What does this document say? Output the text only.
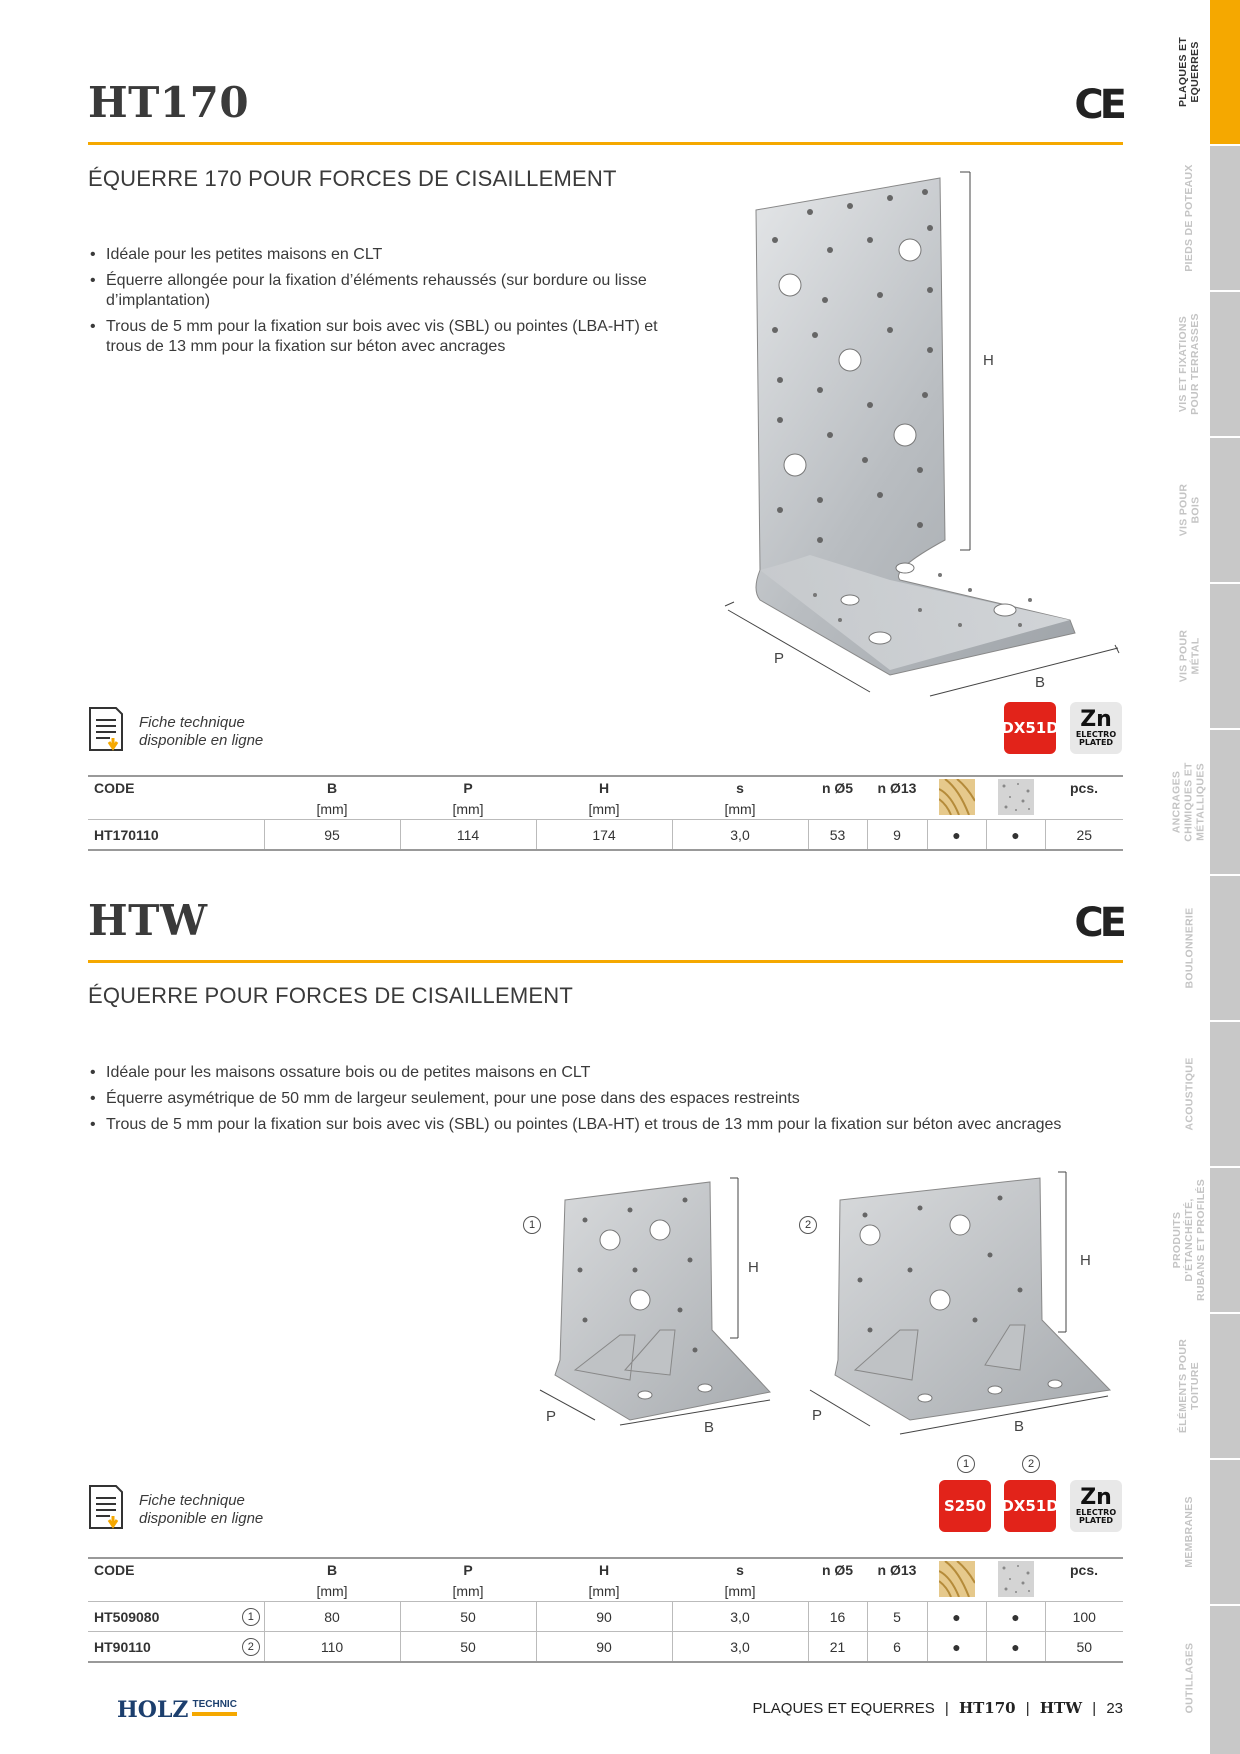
PLAQUES ET
EQUERRES
PIEDS DE POTEAUX
VIS ET FIXATIONS
POUR TERRASSES
VIS POUR
BOIS
VIS POUR
MÉTAL
ANCRAGES
CHIMIQUES ET
MÉTALLIQUES
BOULONNERIE
ACOUSTIQUE
PRODUITS
D'ÉTANCHÉITÉ,
RUBANS ET PROFILÉS
ÉLÉMENTS POUR
TOITURE
MEMBRANES
OUTILLAGES
HT170	CE
ÉQUERRE 170 POUR FORCES DE CISAILLEMENT
• Idéale pour les petites maisons en CLT
• Équerre allongée pour la fixation d’éléments rehaussés (sur bordure ou lisse d’implantation)
• Trous de 5 mm pour la fixation sur bois avec vis (SBL) ou pointes (LBA-HT) et trous de 13 mm pour la fixation sur béton avec ancrages
H
P
B
Fiche technique
disponible en ligne
DX51D Zn
ELECTRO
PLATED
CODE	B	P	H	s	n Ø5	n Ø13			pcs.
	[mm]	[mm]	[mm]	[mm]					
HT170110	95	114	174	3,0	53	9	●	●	25
HTW	CE
ÉQUERRE POUR FORCES DE CISAILLEMENT
• Idéale pour les maisons ossature bois ou de petites maisons en CLT
• Équerre asymétrique de 50 mm de largeur seulement, pour une pose dans des espaces restreints
• Trous de 5 mm pour la fixation sur bois avec vis (SBL) ou pointes (LBA-HT) et trous de 13 mm pour la fixation sur béton avec ancrages
1	2
H	H
P	P
B	B
Fiche technique
disponible en ligne
1	2
S250	DX51D Zn
ELECTRO
PLATED
CODE		B	P	H	s	n Ø5	n Ø13			pcs.
		[mm]	[mm]	[mm]	[mm]					
HT509080	1	80	50	90	3,0	16	5	●	●	100
HT90110	2	110	50	90	3,0	21	6	●	●	50
HOLZ TECHNIC	PLAQUES ET EQUERRES | HT170 | HTW | 23
